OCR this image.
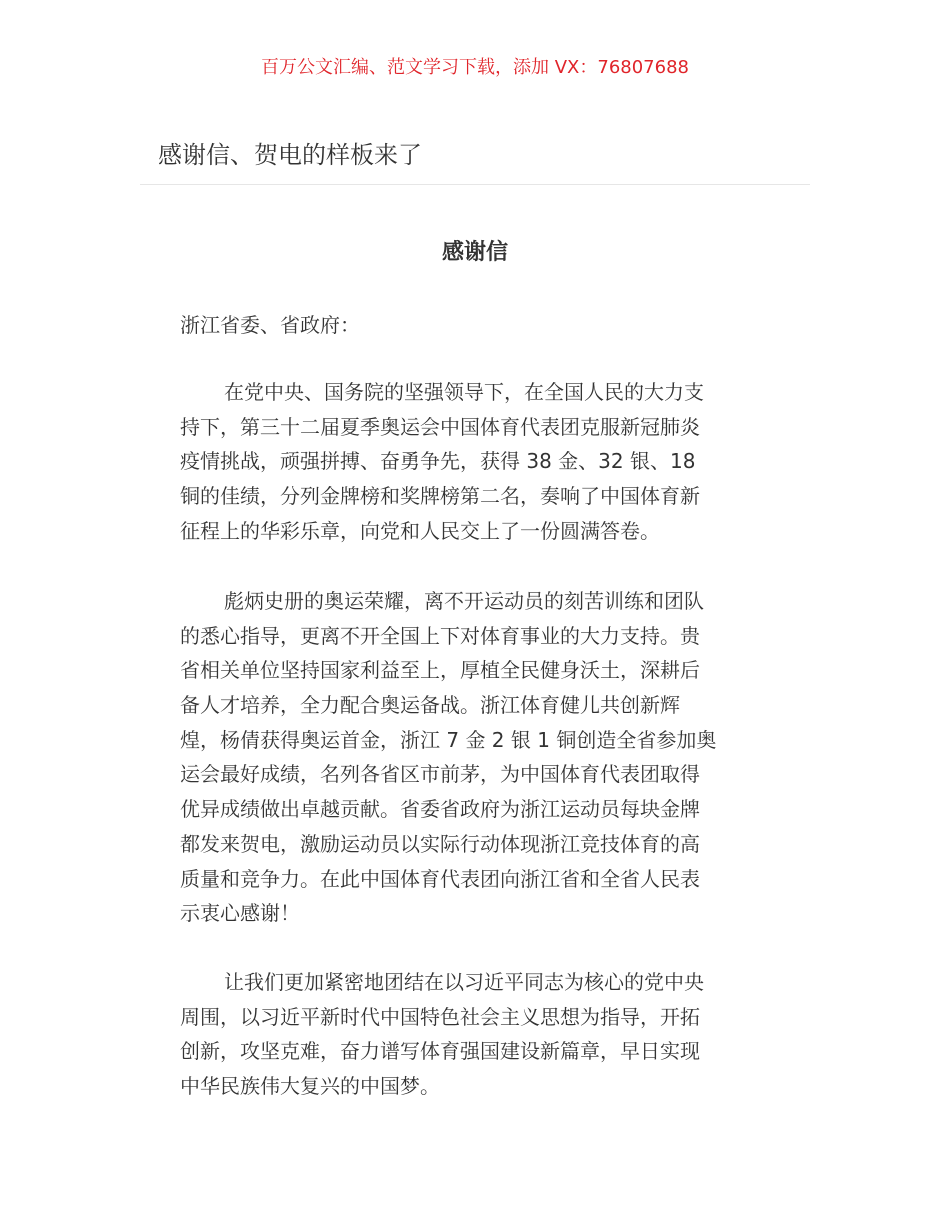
百万公文汇编、范文学习下载，添加 VX：76807688
感谢信、贺电的样板来了
感谢信
浙江省委、省政府：
在党中央、国务院的坚强领导下，在全国人民的大力支
持下，第三十二届夏季奥运会中国体育代表团克服新冠肺炎
疫情挑战，顽强拼搏、奋勇争先，获得 38 金、32 银、18
铜的佳绩，分列金牌榜和奖牌榜第二名，奏响了中国体育新
征程上的华彩乐章，向党和人民交上了一份圆满答卷。
彪炳史册的奥运荣耀，离不开运动员的刻苦训练和团队
的悉心指导，更离不开全国上下对体育事业的大力支持。贵
省相关单位坚持国家利益至上，厚植全民健身沃土，深耕后
备人才培养，全力配合奥运备战。浙江体育健儿共创新辉
煌，杨倩获得奥运首金，浙江 7 金 2 银 1 铜创造全省参加奥
运会最好成绩，名列各省区市前茅，为中国体育代表团取得
优异成绩做出卓越贡献。省委省政府为浙江运动员每块金牌
都发来贺电，激励运动员以实际行动体现浙江竞技体育的高
质量和竞争力。在此中国体育代表团向浙江省和全省人民表
示衷心感谢！
让我们更加紧密地团结在以习近平同志为核心的党中央
周围，以习近平新时代中国特色社会主义思想为指导，开拓
创新，攻坚克难，奋力谱写体育强国建设新篇章，早日实现
中华民族伟大复兴的中国梦。
